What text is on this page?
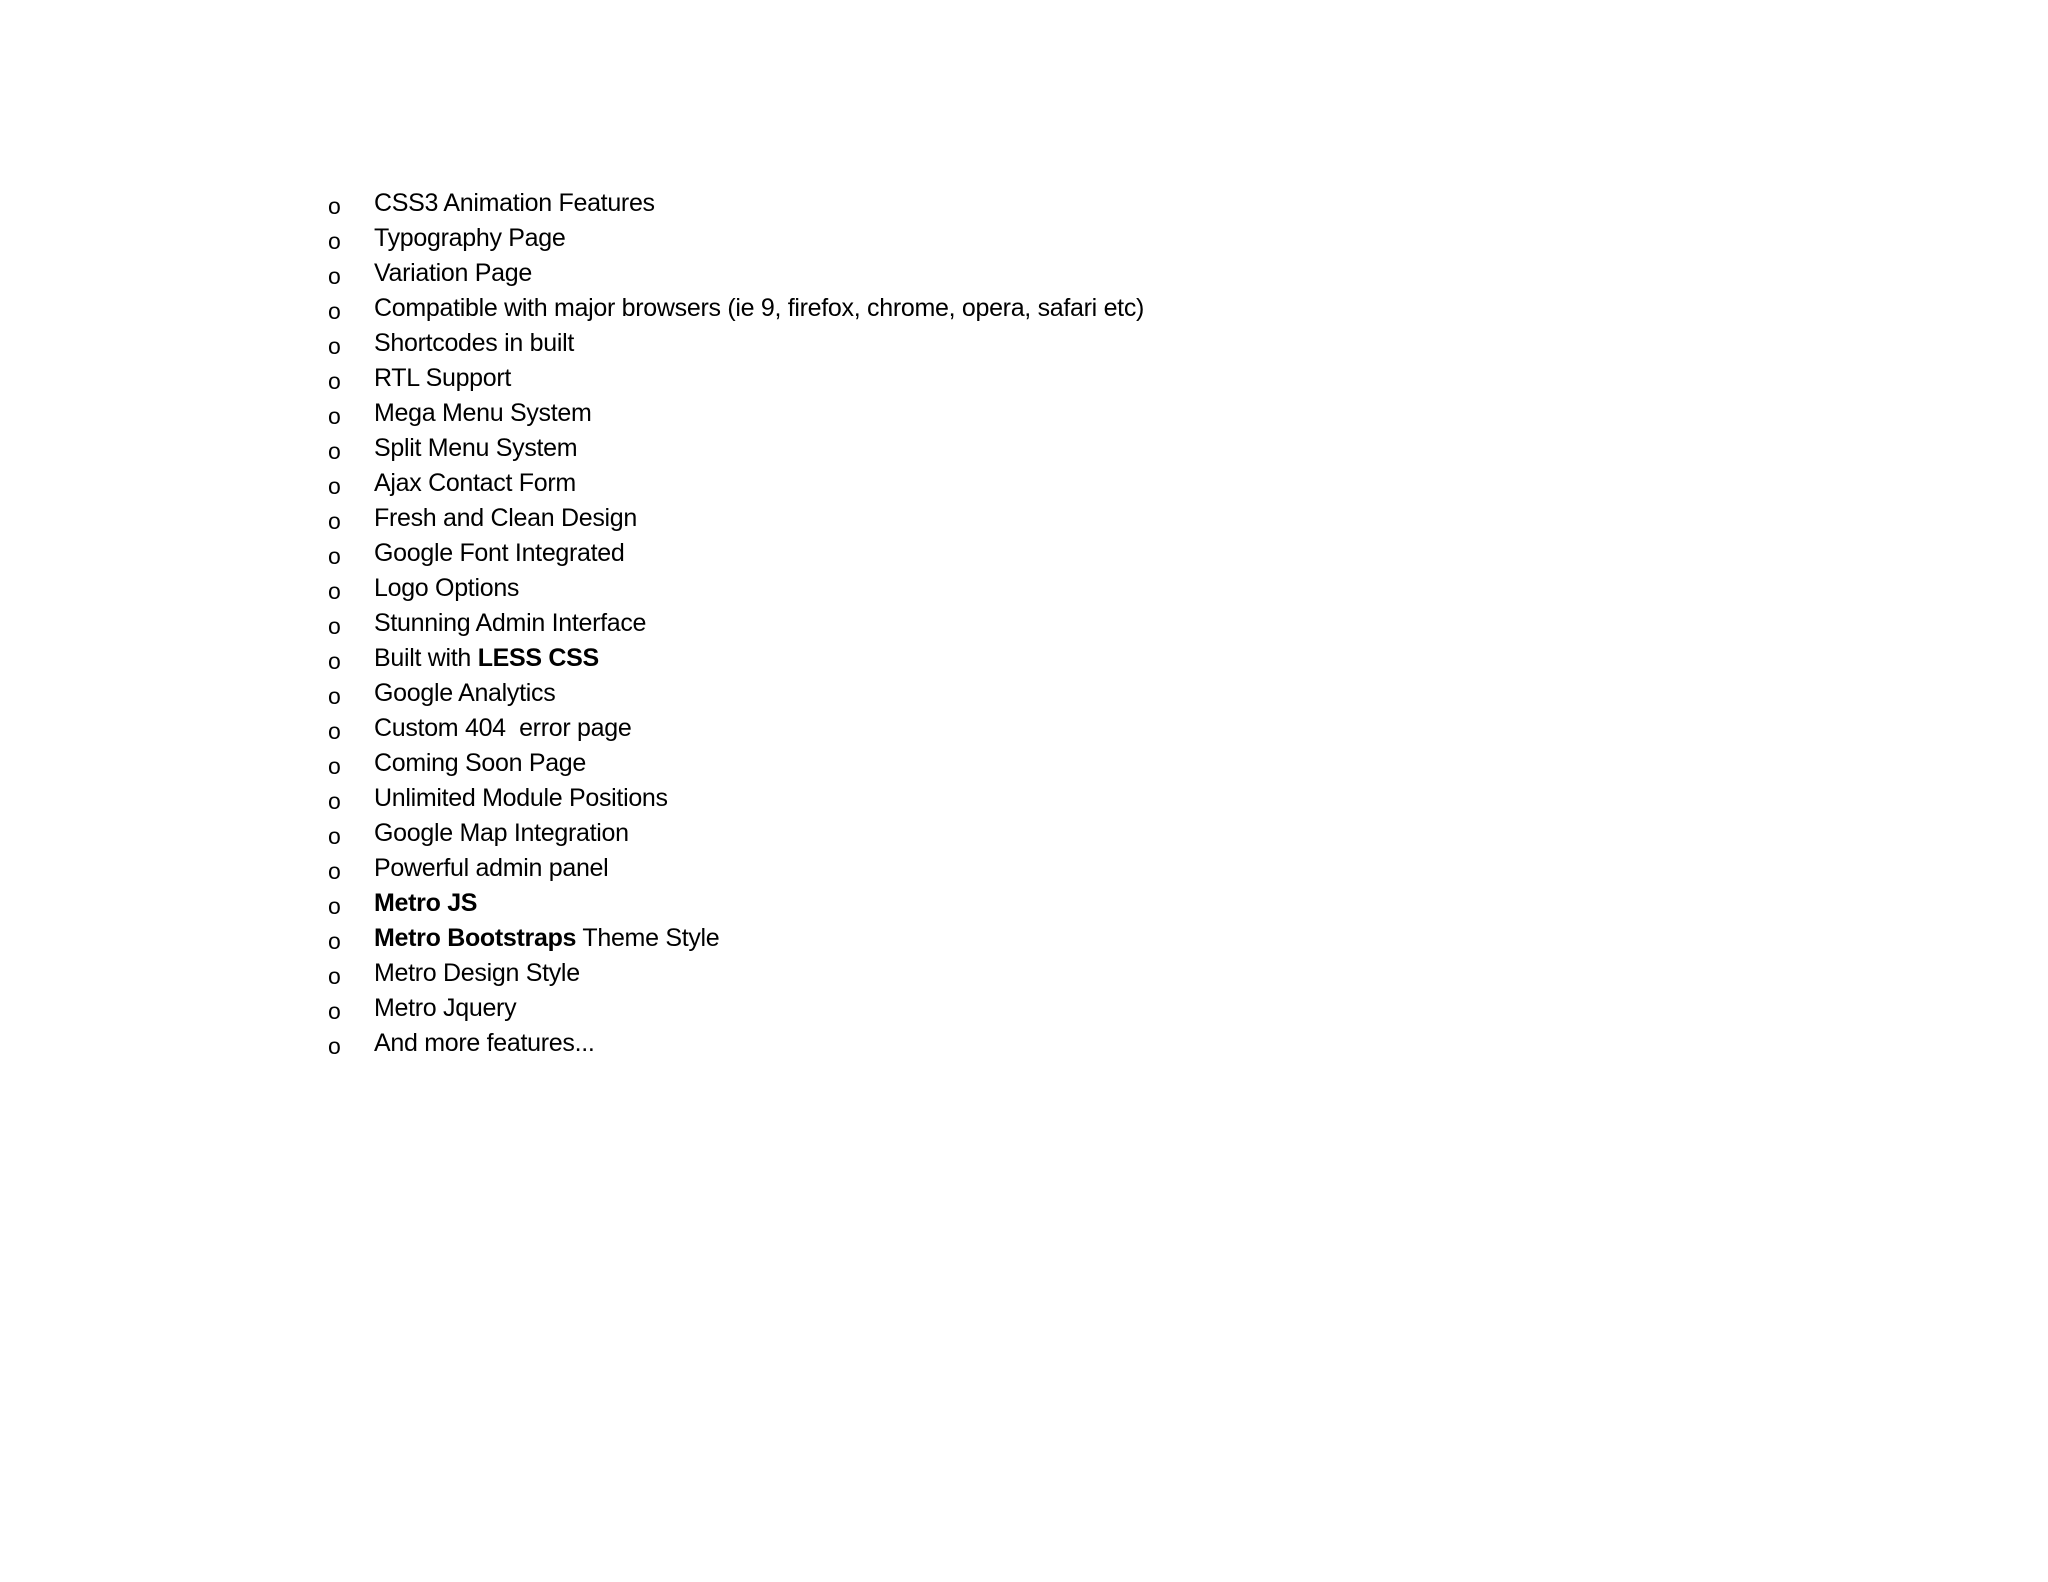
o	CSS3 Animation Features
o	Typography Page
o	Variation Page
o	Compatible with major browsers (ie 9, firefox, chrome, opera, safari etc)
o	Shortcodes in built
o	RTL Support
o	Mega Menu System
o	Split Menu System
o	Ajax Contact Form
o	Fresh and Clean Design
o	Google Font Integrated
o	Logo Options
o	Stunning Admin Interface
o	Built with LESS CSS
o	Google Analytics
o	Custom 404  error page
o	Coming Soon Page
o	Unlimited Module Positions
o	Google Map Integration
o	Powerful admin panel
o	Metro JS
o	Metro Bootstraps Theme Style
o	Metro Design Style
o	Metro Jquery
o	And more features...
